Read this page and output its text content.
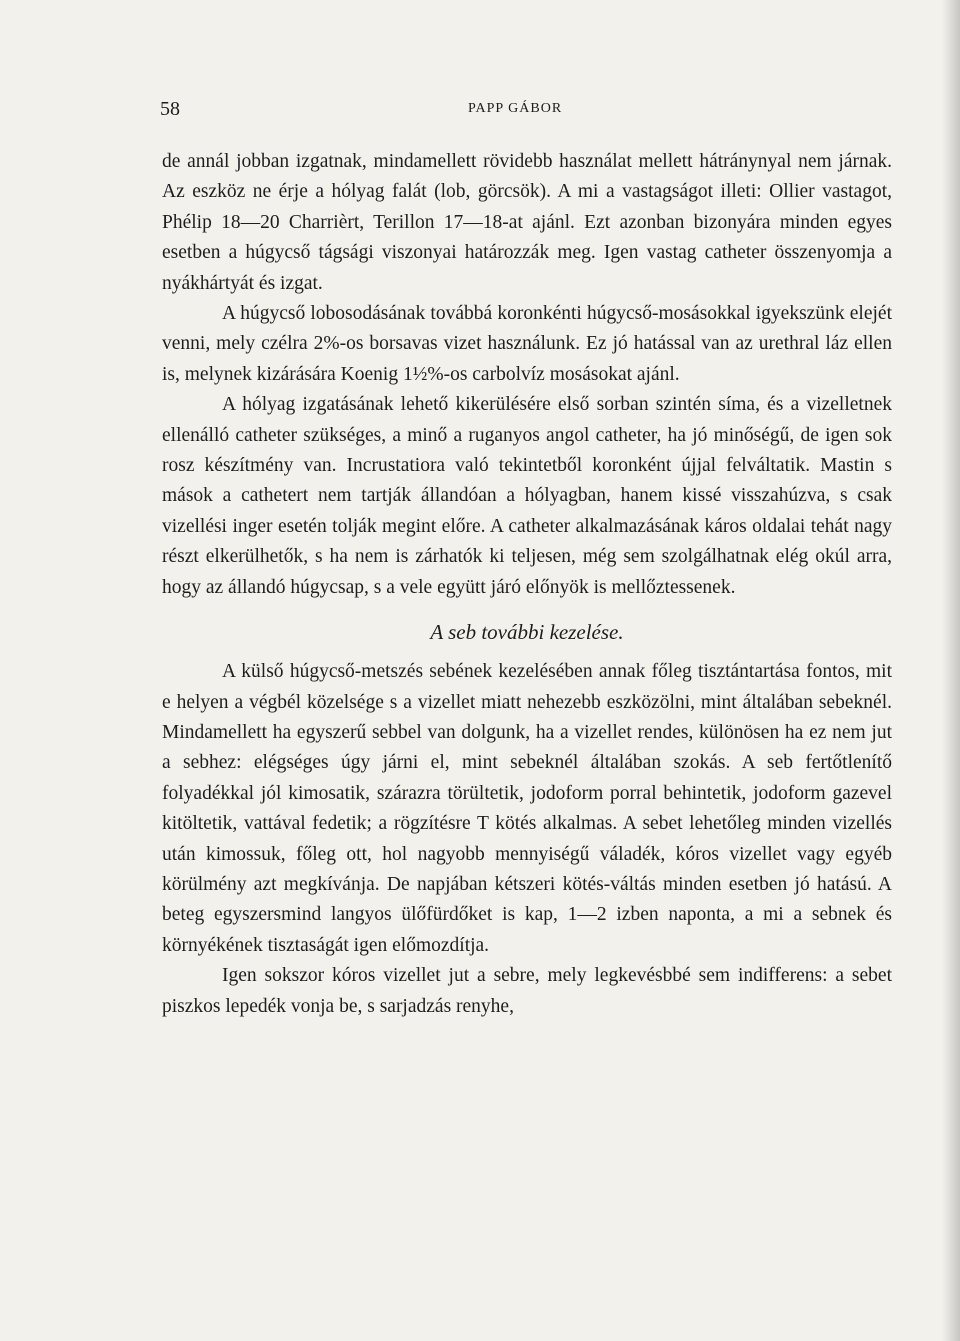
58	PAPP GÁBOR

de annál jobban izgatnak, mindamellett rövidebb használat mellett hátránynyal nem járnak. Az eszköz ne érje a hólyag falát (lob, görcsök). A mi a vastagságot illeti: Ollier vastagot, Phélip 18—20 Charrièrt, Terillon 17—18-at ajánl. Ezt azonban bizonyára minden egyes esetben a húgycső tágsági viszonyai határozzák meg. Igen vastag catheter összenyomja a nyákhártyát és izgat.

A húgycső lobosodásának továbbá koronkénti húgycső-mosásokkal igyekszünk elejét venni, mely czélra 2%-os borsavas vizet használunk. Ez jó hatással van az urethral láz ellen is, melynek kizárására Koenig 1½%-os carbolvíz mosásokat ajánl.

A hólyag izgatásának lehető kikerülésére első sorban szintén síma, és a vizelletnek ellenálló catheter szükséges, a minő a ruganyos angol catheter, ha jó minőségű, de igen sok rosz készítmény van. Incrustatiora való tekintetből koronként újjal felváltatik. Mastin s mások a cathetert nem tartják állandóan a hólyagban, hanem kissé visszahúzva, s csak vizellési inger esetén tolják megint előre. A catheter alkalmazásának káros oldalai tehát nagy részt elkerülhetők, s ha nem is zárhatók ki teljesen, még sem szolgálhatnak elég okúl arra, hogy az állandó húgycsap, s a vele együtt járó előnyök is mellőztessenek.

A seb további kezelése.

A külső húgycső-metszés sebének kezelésében annak főleg tisztántartása fontos, mit e helyen a végbél közelsége s a vizellet miatt nehezebb eszközölni, mint általában sebeknél. Mindamellett ha egyszerű sebbel van dolgunk, ha a vizellet rendes, különösen ha ez nem jut a sebhez: elégséges úgy járni el, mint sebeknél általában szokás. A seb fertőtlenítő folyadékkal jól kimosatik, szárazra törültetik, jodoform porral behintetik, jodoform gazevel kitöltetik, vattával fedetik; a rögzítésre T kötés alkalmas. A sebet lehetőleg minden vizellés után kimossuk, főleg ott, hol nagyobb mennyiségű váladék, kóros vizellet vagy egyéb körülmény azt megkívánja. De napjában kétszeri kötés-váltás minden esetben jó hatású. A beteg egyszersmind langyos ülőfürdőket is kap, 1—2 izben naponta, a mi a sebnek és környékének tisztaságát igen előmozdítja.

Igen sokszor kóros vizellet jut a sebre, mely legkevésbbé sem indifferens: a sebet piszkos lepedék vonja be, s sarjadzás renyhe,
